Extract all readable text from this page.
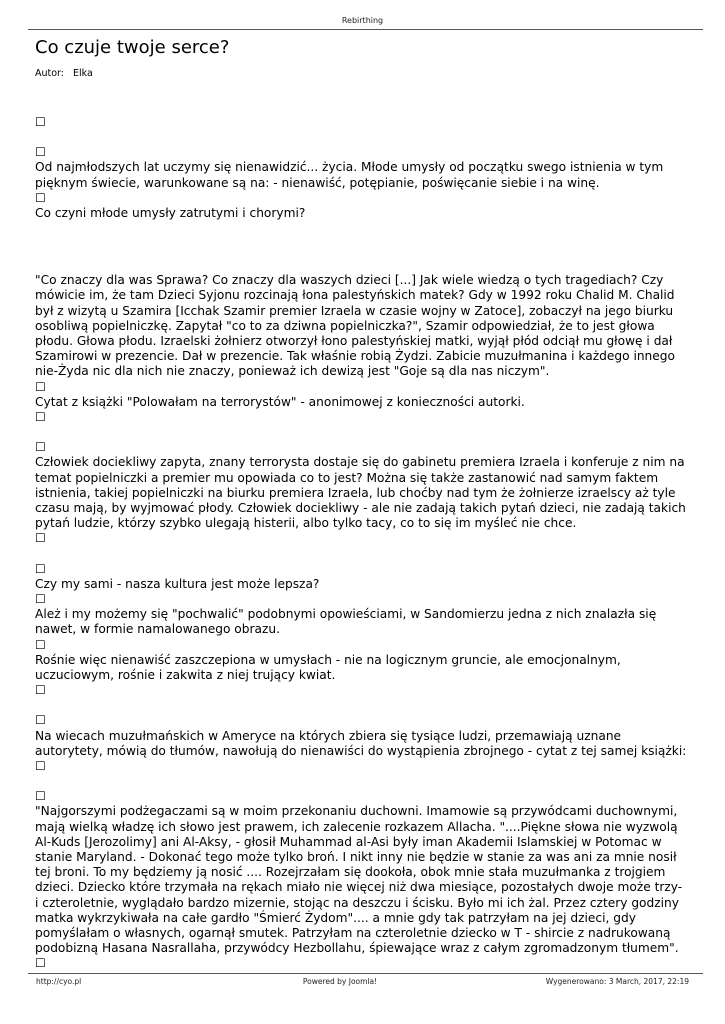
Rebirthing
Co czuje twoje serce?
Autor: Elka
☐
☐

Od najmłodszych lat uczymy się nienawidzić... życia. Młode umysły od początku swego istnienia w tym pięknym świecie, warunkowane są na: - nienawiść, potępianie, poświęcanie siebie i na winę.

☐

Co czyni młode umysły zatrutymi i chorymi?

"Co znaczy dla was Sprawa? Co znaczy dla waszych dzieci [...] Jak wiele wiedzą o tych tragediach? Czy mówicie im, że tam Dzieci Syjonu rozcinają łona palestyńskich matek? Gdy w 1992 roku Chalid M. Chalid był z wizytą u Szamira [Icchak Szamir premier Izraela w czasie wojny w Zatoce], zobaczył na jego biurku osobliwą popielniczkę. Zapytał "co to za dziwna popielniczka?", Szamir odpowiedział, że to jest głowa płodu. Głowa płodu. Izraelski żołnierz otworzył łono palestyńskiej matki, wyjął płód odciął mu głowę i dał Szamirowi w prezencie. Dał w prezencie. Tak właśnie robią Żydzi. Zabicie muzułmanina i każdego innego nie-Żyda nic dla nich nie znaczy, ponieważ ich dewizą jest "Goje są dla nas niczym".

☐

Cytat z książki "Polowałam na terrorystów" - anonimowej z konieczności autorki.

☐
☐

Człowiek dociekliwy zapyta, znany terrorysta dostaje się do gabinetu premiera Izraela i konferuje z nim na temat popielniczki a premier mu opowiada co to jest? Można się także zastanowić nad samym faktem istnienia, takiej popielniczki na biurku premiera Izraela, lub choćby nad tym że żołnierze izraelscy aż tyle czasu mają, by wyjmować płody. Człowiek dociekliwy - ale nie zadają takich pytań dzieci, nie zadają takich pytań ludzie, którzy szybko ulegają histerii, albo tylko tacy, co to się im myśleć nie chce.

☐
☐

Czy my sami - nasza kultura jest może lepsza?

☐

Ależ i my możemy się "pochwalić" podobnymi opowieściami, w Sandomierzu jedna z nich znalazła się nawet, w formie namalowanego obrazu.

☐

Rośnie więc nienawiść zaszczepiona w umysłach - nie na logicznym gruncie, ale emocjonalnym, uczuciowym, rośnie i zakwita z niej trujący kwiat.

☐
☐

Na wiecach muzułmańskich w Ameryce na których zbiera się tysiące ludzi, przemawiają uznane autorytety, mówią do tłumów, nawołują do nienawiści do wystąpienia zbrojnego - cytat z tej samej książki:

☐
☐

"Najgorszymi podżegaczami są w moim przekonaniu duchowni. Imamowie są przywódcami duchownymi, mają wielką władzę ich słowo jest prawem, ich zalecenie rozkazem Allacha. "....Piękne słowa nie wyzwolą Al-Kuds [Jerozolimy] ani Al-Aksy, - głosił Muhammad al-Asi były iman Akademii Islamskiej w Potomac w stanie Maryland. - Dokonać tego może tylko broń. I nikt inny nie będzie w stanie za was ani za mnie nosił tej broni. To my będziemy ją nosić .... Rozejrzałam się dookoła, obok mnie stała muzułmanka z trojgiem dzieci. Dziecko które trzymała na rękach miało nie więcej niż dwa miesiące, pozostałych dwoje może trzy- i czteroletnie, wyglądało bardzo mizernie, stojąc na deszczu i ścisku. Było mi ich żal. Przez cztery godziny matka wykrzykiwała na całe gardło "Śmierć Żydom".... a mnie gdy tak patrzyłam na jej dzieci, gdy pomyślałam o własnych, ogarnął smutek. Patrzyłam na czteroletnie dziecko w T - shircie z nadrukowaną podobizną Hasana Nasrallaha, przywódcy Hezbollahu, śpiewające wraz z całym zgromadzonym tłumem".

☐
http://cyo.pl	Powered by Joomla!	Wygenerowano: 3 March, 2017, 22:19
